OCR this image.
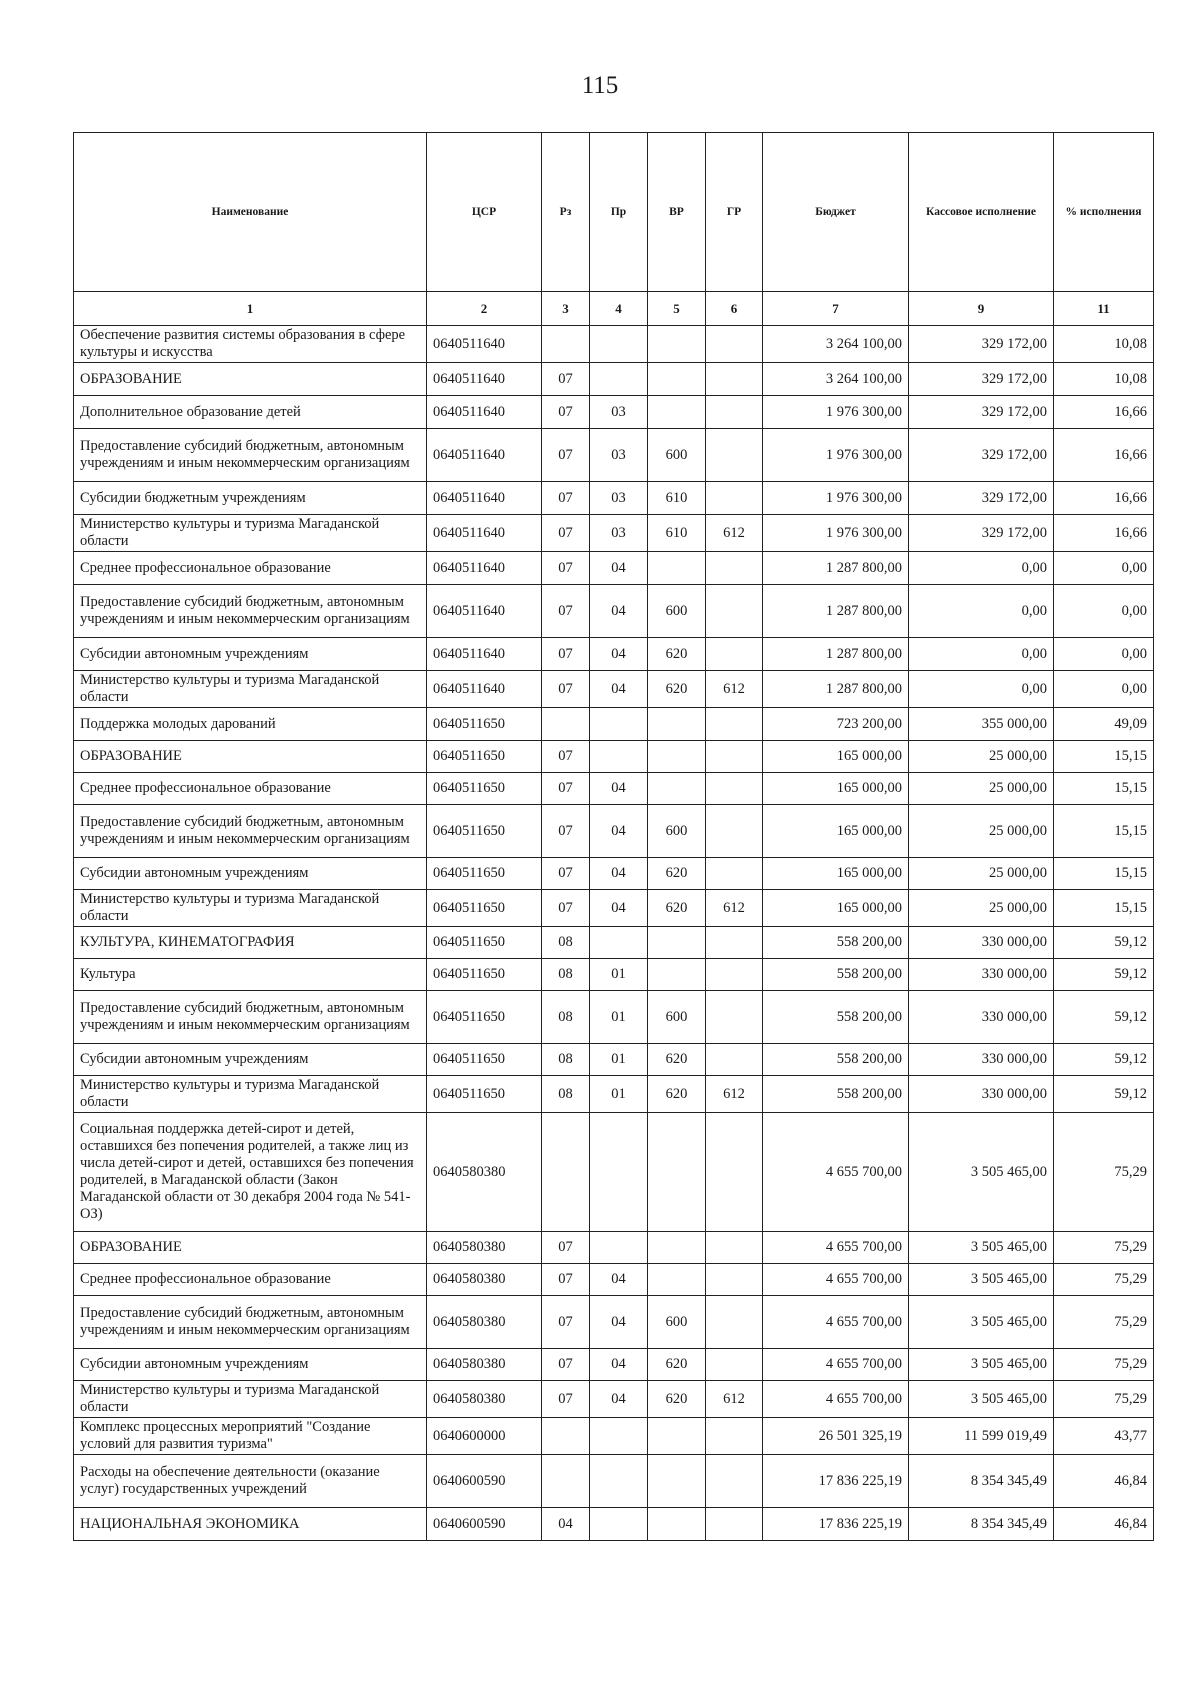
115
Наименование	ЦСР	Рз	Пр	ВР	ГР	Бюджет	Кассовое исполнение	% исполнения
1	2	3	4	5	6	7	9	11
Обеспечение развития системы образования в сфере культуры и искусства	0640511640					3 264 100,00	329 172,00	10,08
ОБРАЗОВАНИЕ	0640511640	07				3 264 100,00	329 172,00	10,08
Дополнительное образование детей	0640511640	07	03			1 976 300,00	329 172,00	16,66
Предоставление субсидий бюджетным, автономным учреждениям и иным некоммерческим организациям	0640511640	07	03	600		1 976 300,00	329 172,00	16,66
Субсидии бюджетным учреждениям	0640511640	07	03	610		1 976 300,00	329 172,00	16,66
Министерство культуры и туризма Магаданской области	0640511640	07	03	610	612	1 976 300,00	329 172,00	16,66
Среднее профессиональное образование	0640511640	07	04			1 287 800,00	0,00	0,00
Предоставление субсидий бюджетным, автономным учреждениям и иным некоммерческим организациям	0640511640	07	04	600		1 287 800,00	0,00	0,00
Субсидии автономным учреждениям	0640511640	07	04	620		1 287 800,00	0,00	0,00
Министерство культуры и туризма Магаданской области	0640511640	07	04	620	612	1 287 800,00	0,00	0,00
Поддержка молодых дарований	0640511650					723 200,00	355 000,00	49,09
ОБРАЗОВАНИЕ	0640511650	07				165 000,00	25 000,00	15,15
Среднее профессиональное образование	0640511650	07	04			165 000,00	25 000,00	15,15
Предоставление субсидий бюджетным, автономным учреждениям и иным некоммерческим организациям	0640511650	07	04	600		165 000,00	25 000,00	15,15
Субсидии автономным учреждениям	0640511650	07	04	620		165 000,00	25 000,00	15,15
Министерство культуры и туризма Магаданской области	0640511650	07	04	620	612	165 000,00	25 000,00	15,15
КУЛЬТУРА, КИНЕМАТОГРАФИЯ	0640511650	08				558 200,00	330 000,00	59,12
Культура	0640511650	08	01			558 200,00	330 000,00	59,12
Предоставление субсидий бюджетным, автономным учреждениям и иным некоммерческим организациям	0640511650	08	01	600		558 200,00	330 000,00	59,12
Субсидии автономным учреждениям	0640511650	08	01	620		558 200,00	330 000,00	59,12
Министерство культуры и туризма Магаданской области	0640511650	08	01	620	612	558 200,00	330 000,00	59,12
Социальная поддержка детей-сирот и детей, оставшихся без попечения родителей, а также лиц из числа детей-сирот и детей, оставшихся без попечения родителей, в Магаданской области (Закон Магаданской области от 30 декабря 2004 года № 541-ОЗ)	0640580380					4 655 700,00	3 505 465,00	75,29
ОБРАЗОВАНИЕ	0640580380	07				4 655 700,00	3 505 465,00	75,29
Среднее профессиональное образование	0640580380	07	04			4 655 700,00	3 505 465,00	75,29
Предоставление субсидий бюджетным, автономным учреждениям и иным некоммерческим организациям	0640580380	07	04	600		4 655 700,00	3 505 465,00	75,29
Субсидии автономным учреждениям	0640580380	07	04	620		4 655 700,00	3 505 465,00	75,29
Министерство культуры и туризма Магаданской области	0640580380	07	04	620	612	4 655 700,00	3 505 465,00	75,29
Комплекс процессных мероприятий "Создание условий для развития туризма"	0640600000					26 501 325,19	11 599 019,49	43,77
Расходы на обеспечение деятельности (оказание услуг) государственных учреждений	0640600590					17 836 225,19	8 354 345,49	46,84
НАЦИОНАЛЬНАЯ ЭКОНОМИКА	0640600590	04				17 836 225,19	8 354 345,49	46,84
